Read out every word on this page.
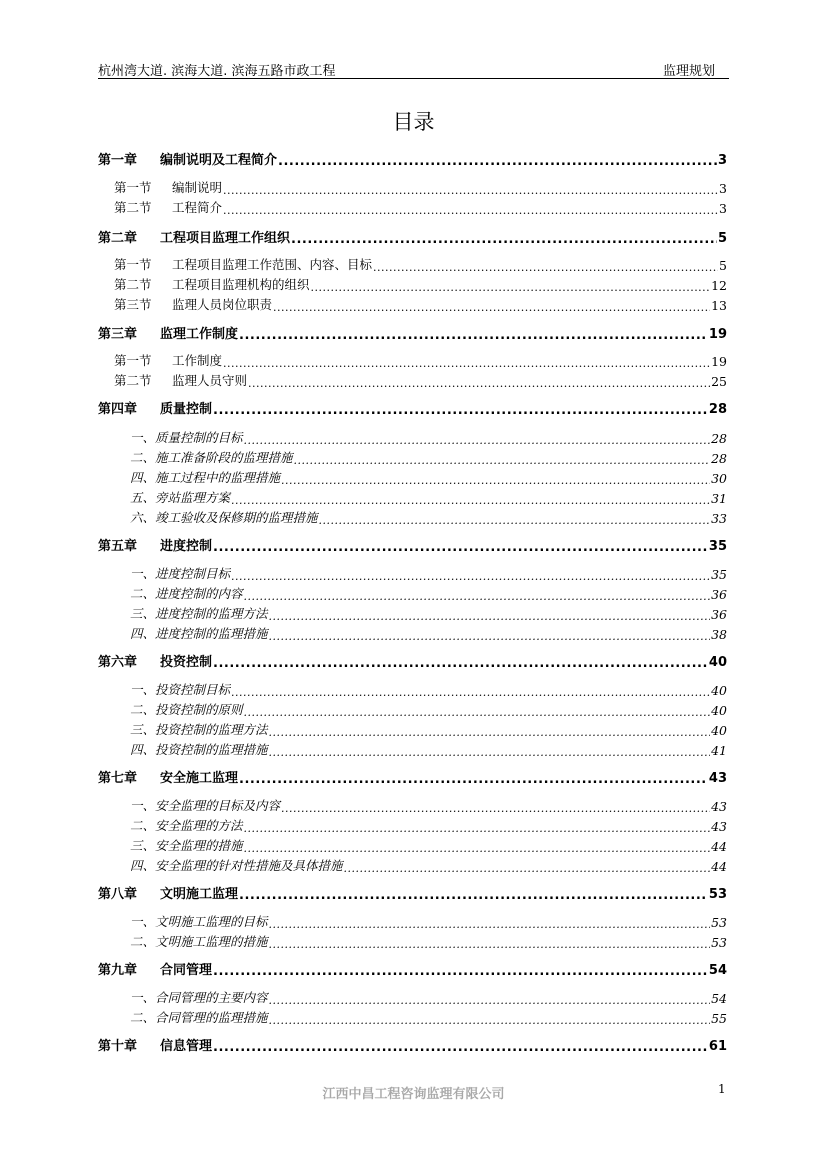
杭州湾大道. 滨海大道. 滨海五路市政工程	监理规划
目录
第一章 编制说明及工程简介 .....	3
第一节 编制说明 .....	3
第二节 工程简介 .....	3
第二章 工程项目监理工作组织 .....	5
第一节 工程项目监理工作范围、内容、目标 .....	5
第二节 工程项目监理机构的组织 .....	12
第三节 监理人员岗位职责 .....	13
第三章 监理工作制度 .....	19
第一节 工作制度 .....	19
第二节 监理人员守则 .....	25
第四章 质量控制 .....	28
一、质量控制的目标 .....	28
二、施工准备阶段的监理措施 .....	28
四、施工过程中的监理措施 .....	30
五、旁站监理方案 .....	31
六、竣工验收及保修期的监理措施 .....	33
第五章 进度控制 .....	35
一、进度控制目标 .....	35
二、进度控制的内容 .....	36
三、进度控制的监理方法 .....	36
四、进度控制的监理措施 .....	38
第六章 投资控制 .....	40
一、投资控制目标 .....	40
二、投资控制的原则 .....	40
三、投资控制的监理方法 .....	40
四、投资控制的监理措施 .....	41
第七章 安全施工监理 .....	43
一、安全监理的目标及内容 .....	43
二、安全监理的方法 .....	43
三、安全监理的措施 .....	44
四、安全监理的针对性措施及具体措施 .....	44
第八章 文明施工监理 .....	53
一、文明施工监理的目标 .....	53
二、文明施工监理的措施 .....	53
第九章 合同管理 .....	54
一、合同管理的主要内容 .....	54
二、合同管理的监理措施 .....	55
第十章 信息管理 .....	61
江西中昌工程咨询监理有限公司	1
